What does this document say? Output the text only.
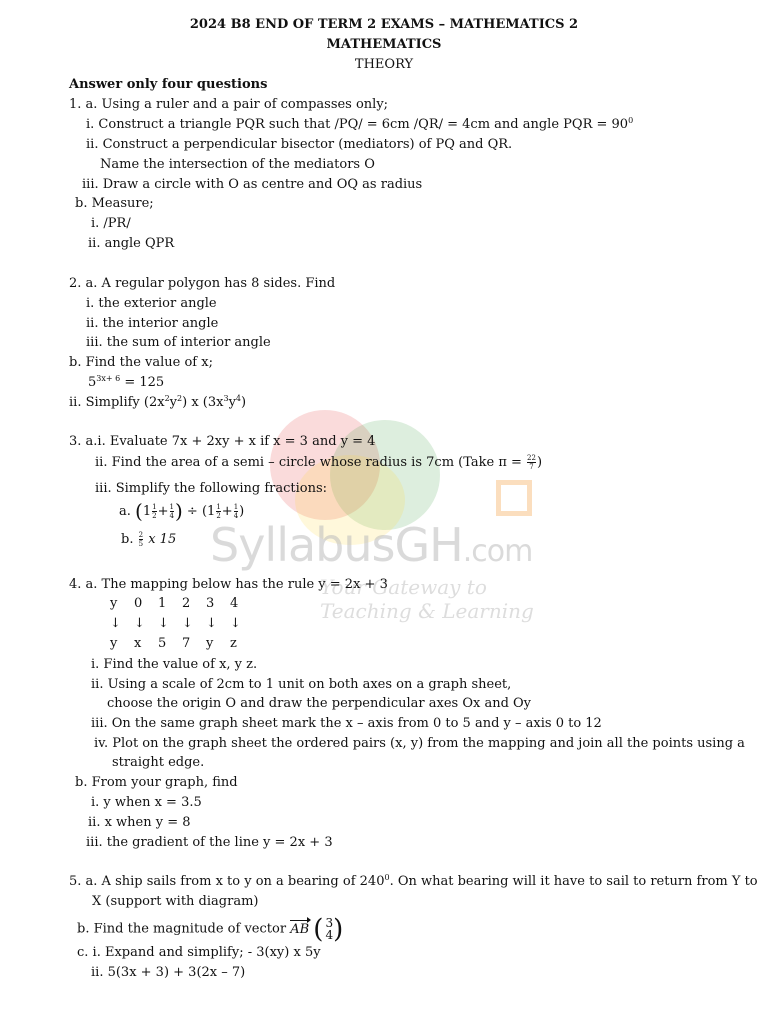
SyllabusGH.com
Your Gateway to Teaching & Learning
2024 B8 END OF TERM 2 EXAMS – MATHEMATICS 2
MATHEMATICS
THEORY
Answer only four questions
1. a. Using a ruler and a pair of compasses only;
i. Construct a triangle PQR such that /PQ/ = 6cm /QR/ = 4cm and angle PQR = $90^0$
ii. Construct a perpendicular bisector (mediators) of PQ and QR.
Name the intersection of the mediators O
iii. Draw a circle with O as centre and OQ as radius
b. Measure;
i. /PR/
ii. angle QPR
2. a. A regular polygon has 8 sides. Find
i. the exterior angle
ii. the interior angle
iii. the sum of interior angle
b. Find the value of x;
$5^{3x+ 6} = 125$
ii. Simplify $(2x^2y^2)$ x $(3x^3y^4)$
3. a.i. Evaluate 7x + 2xy + x if x = 3 and y = 4
ii. Find the area of a semi – circle whose radius is 7cm (Take $\pi = \frac{22}{7}$ )
iii. Simplify the following fractions:
a. ($1 \frac{1}{2} + \frac{1}{4}$ ) ÷ ($1 \frac{1}{2} + \frac{1}{4}$ )
b. $\frac{2}{5}$ x 15
4. a. The mapping below has the rule y = 2x + 3
y 0 1 2 3 4
↓ ↓ ↓ ↓ ↓ ↓
y x 5 7 y z
i. Find the value of x, y z.
ii. Using a scale of 2cm to 1 unit on both axes on a graph sheet,
choose the origin O and draw the perpendicular axes Ox and Oy
iii. On the same graph sheet mark the x – axis from 0 to 5 and y – axis 0 to 12
iv. Plot on the graph sheet the ordered pairs (x, y) from the mapping and join all the points using a
straight edge.
b. From your graph, find
i. y when x = 3.5
ii. x when y = 8
iii. the gradient of the line y = 2x + 3
5. a. A ship sails from x to y on a bearing of $240^0$. On what bearing will it have to sail to return from Y to
X (support with diagram)
b. Find the magnitude of vector AB ( 3
4 )
c. i. Expand and simplify; - 3(xy) x 5y
ii. 5(3x + 3) + 3(2x – 7)
